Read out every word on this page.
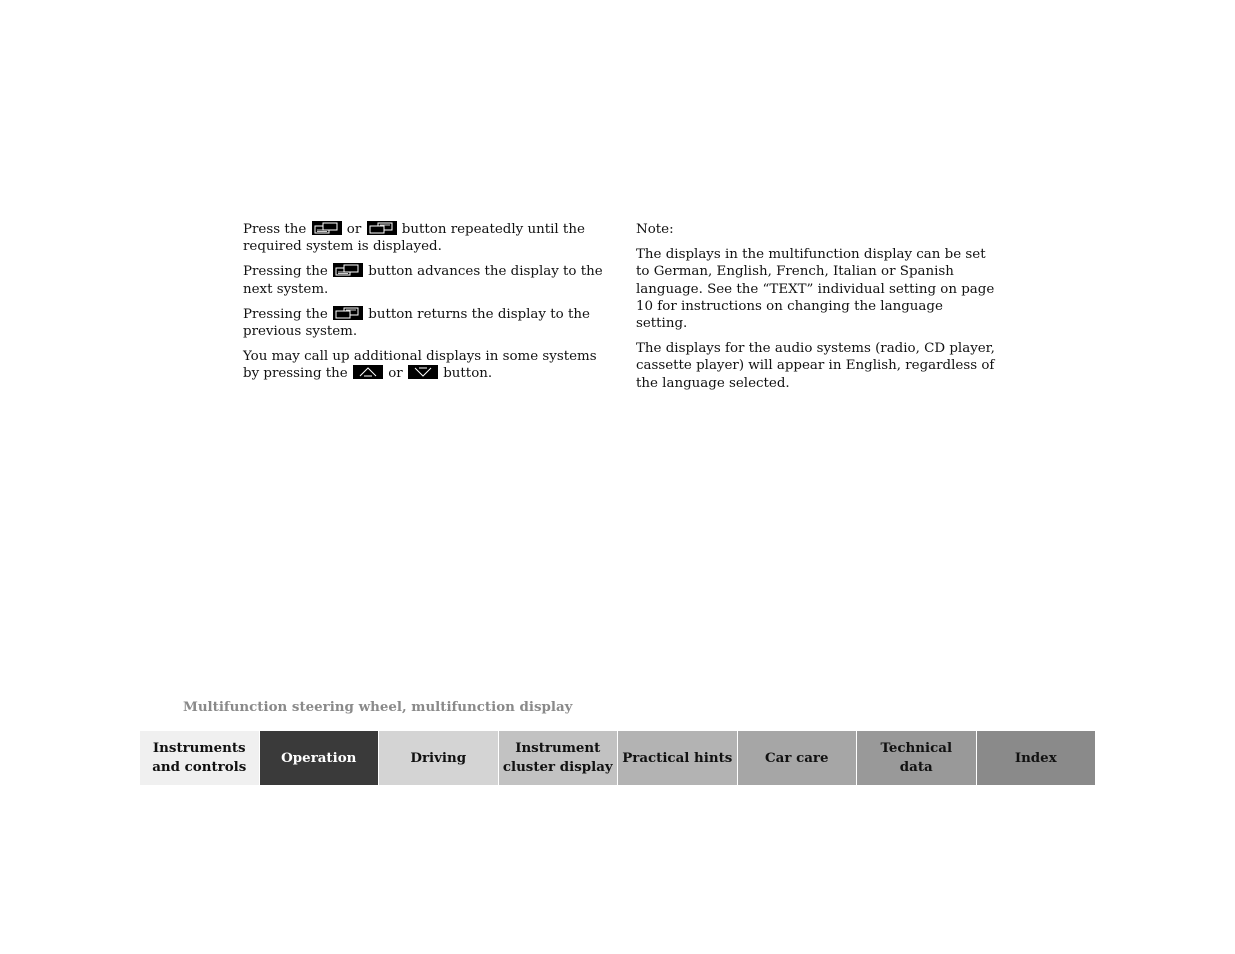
Press the	or	button repeatedly until the required system is displayed.

Pressing the	button advances the display to the next system.

Pressing the	button returns the display to the previous system.

You may call up additional displays in some systems by pressing the	or	button.

Note:

The displays in the multifunction display can be set to German, English, French, Italian or Spanish language. See the “TEXT” individual setting on page 10 for instructions on changing the language setting.

The displays for the audio systems (radio, CD player, cassette player) will appear in English, regardless of the language selected.

Multifunction steering wheel, multifunction display
Instruments
and controls
Operation	Driving
Instrument
cluster display
Practical hints Car care
Technical
data
Index
